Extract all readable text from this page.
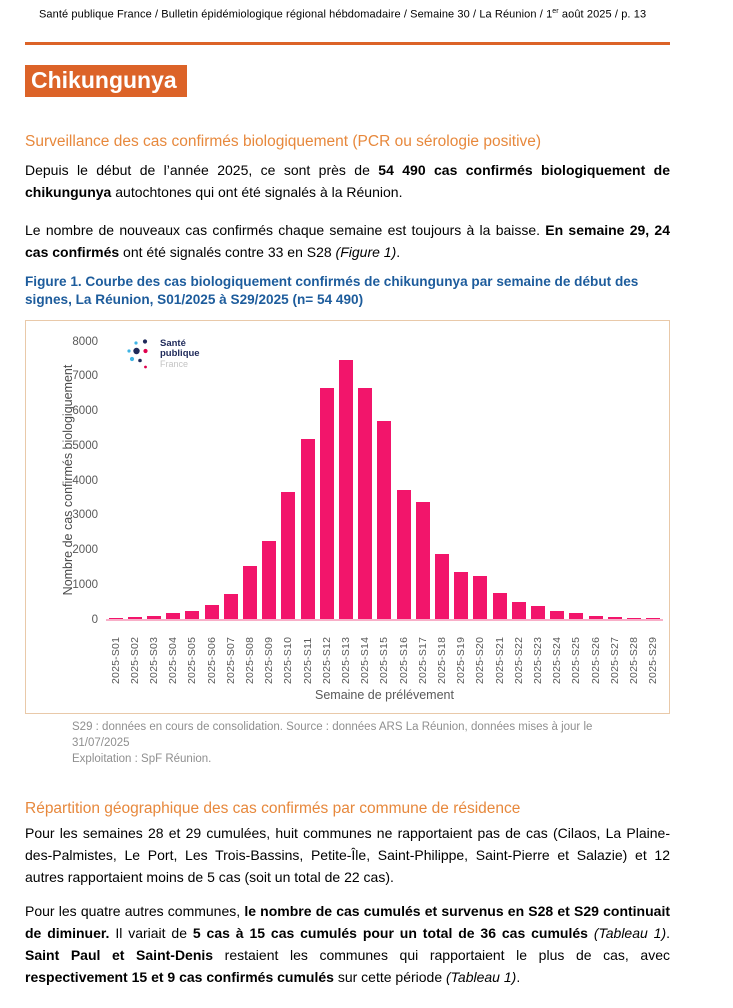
Santé publique France / Bulletin épidémiologique régional hébdomadaire / Semaine 30 / La Réunion / 1er août 2025 / p. 13
Chikungunya
Surveillance des cas confirmés biologiquement (PCR ou sérologie positive)

Depuis le début de l’année 2025, ce sont près de 54 490 cas confirmés biologiquement de chikungunya autochtones qui ont été signalés à la Réunion.

Le nombre de nouveaux cas confirmés chaque semaine est toujours à la baisse. En semaine 29, 24 cas confirmés ont été signalés contre 33 en S28 (Figure 1).

Figure 1. Courbe des cas biologiquement confirmés de chikungunya par semaine de début des signes, La Réunion, S01/2025 à S29/2025 (n= 54 490)
Santé
publique
France
Nombre de cas confirmés biologiquement
0
1000
2000
3000
4000
5000
6000
7000
8000
2025-S01 2025-S02 2025-S03 2025-S04 2025-S05 2025-S06 2025-S07 2025-S08 2025-S09 2025-S10 2025-S11 2025-S12 2025-S13 2025-S14 2025-S15 2025-S16 2025-S17 2025-S18 2025-S19 2025-S20 2025-S21 2025-S22 2025-S23 2025-S24 2025-S25 2025-S26 2025-S27 2025-S28 2025-S29
Semaine de prélévement
S29 : données en cours de consolidation. Source : données ARS La Réunion, données mises à jour le 31/07/2025
Exploitation : SpF Réunion.
Répartition géographique des cas confirmés par commune de résidence

Pour les semaines 28 et 29 cumulées, huit communes ne rapportaient pas de cas (Cilaos, La Plaine-des-Palmistes, Le Port, Les Trois-Bassins, Petite-Île, Saint-Philippe, Saint-Pierre et Salazie) et 12 autres rapportaient moins de 5 cas (soit un total de 22 cas).

Pour les quatre autres communes, le nombre de cas cumulés et survenus en S28 et S29 continuait de diminuer. Il variait de 5 cas à 15 cas cumulés pour un total de 36 cas cumulés (Tableau 1). Saint Paul et Saint-Denis restaient les communes qui rapportaient le plus de cas, avec respectivement 15 et 9 cas confirmés cumulés sur cette période (Tableau 1).
